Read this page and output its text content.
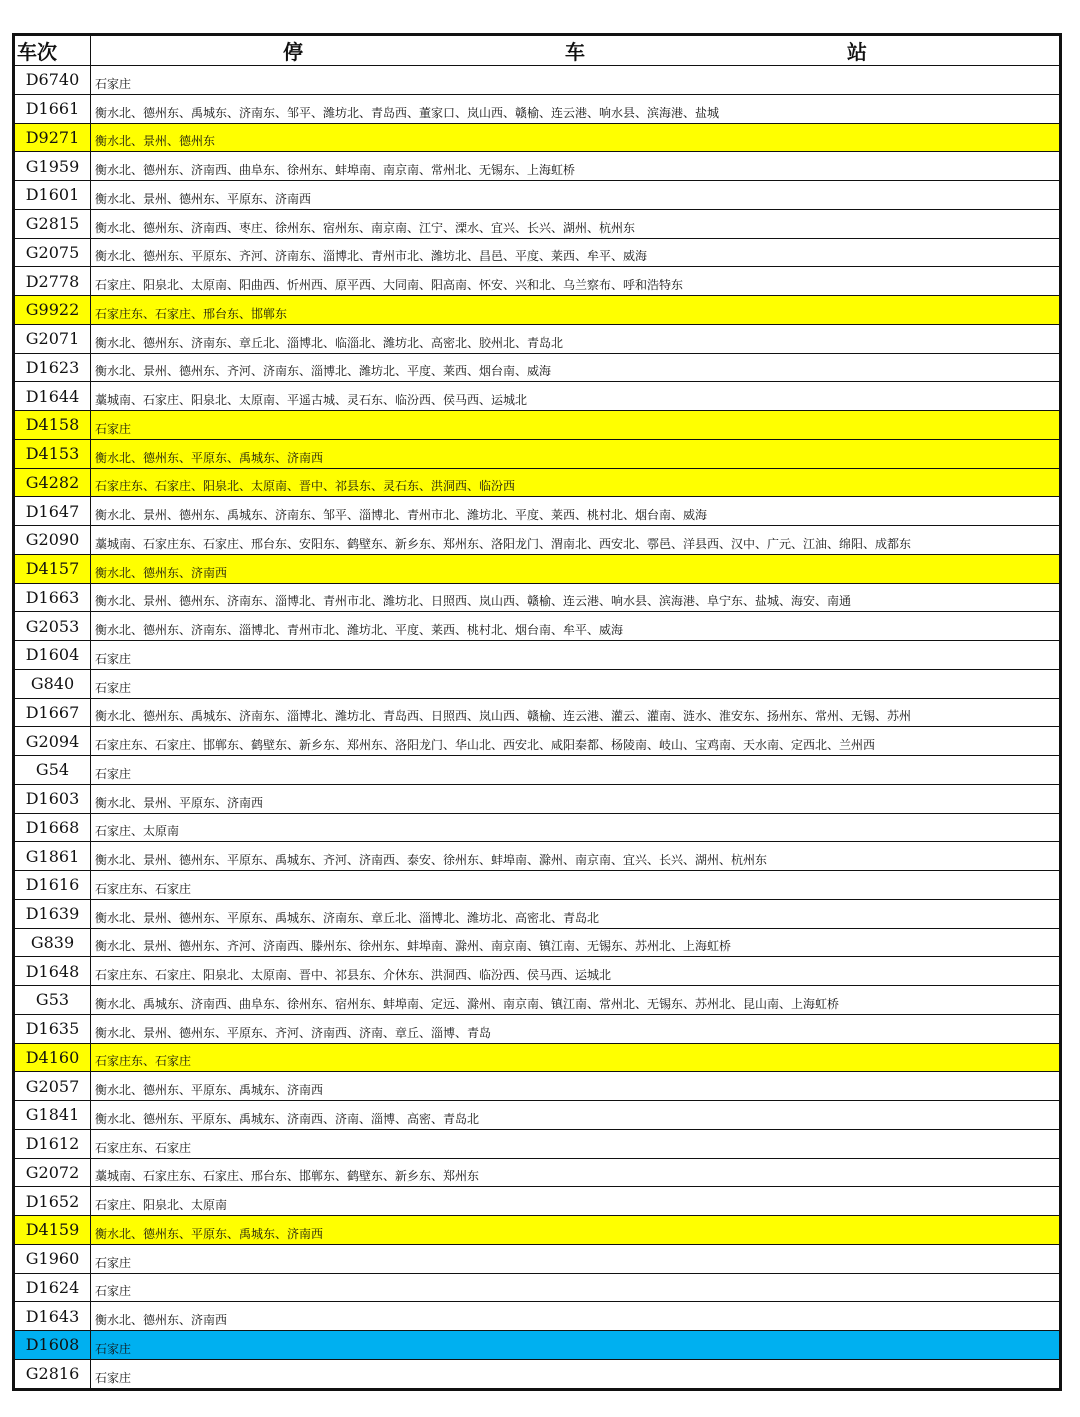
车次	停　　车　　站
D6740	石家庄
D1661	衡水北、德州东、禹城东、济南东、邹平、潍坊北、青岛西、董家口、岚山西、赣榆、连云港、响水县、滨海港、盐城
D9271	衡水北、景州、德州东
G1959	衡水北、德州东、济南西、曲阜东、徐州东、蚌埠南、南京南、常州北、无锡东、上海虹桥
D1601	衡水北、景州、德州东、平原东、济南西
G2815	衡水北、德州东、济南西、枣庄、徐州东、宿州东、南京南、江宁、溧水、宜兴、长兴、湖州、杭州东
G2075	衡水北、德州东、平原东、齐河、济南东、淄博北、青州市北、潍坊北、昌邑、平度、莱西、牟平、威海
D2778	石家庄、阳泉北、太原南、阳曲西、忻州西、原平西、大同南、阳高南、怀安、兴和北、乌兰察布、呼和浩特东
G9922	石家庄东、石家庄、邢台东、邯郸东
G2071	衡水北、德州东、济南东、章丘北、淄博北、临淄北、潍坊北、高密北、胶州北、青岛北
D1623	衡水北、景州、德州东、齐河、济南东、淄博北、潍坊北、平度、莱西、烟台南、威海
D1644	藁城南、石家庄、阳泉北、太原南、平遥古城、灵石东、临汾西、侯马西、运城北
D4158	石家庄
D4153	衡水北、德州东、平原东、禹城东、济南西
G4282	石家庄东、石家庄、阳泉北、太原南、晋中、祁县东、灵石东、洪洞西、临汾西
D1647	衡水北、景州、德州东、禹城东、济南东、邹平、淄博北、青州市北、潍坊北、平度、莱西、桃村北、烟台南、威海
G2090	藁城南、石家庄东、石家庄、邢台东、安阳东、鹤壁东、新乡东、郑州东、洛阳龙门、渭南北、西安北、鄠邑、洋县西、汉中、广元、江油、绵阳、成都东
D4157	衡水北、德州东、济南西
D1663	衡水北、景州、德州东、济南东、淄博北、青州市北、潍坊北、日照西、岚山西、赣榆、连云港、响水县、滨海港、阜宁东、盐城、海安、南通
G2053	衡水北、德州东、济南东、淄博北、青州市北、潍坊北、平度、莱西、桃村北、烟台南、牟平、威海
D1604	石家庄
G840	石家庄
D1667	衡水北、德州东、禹城东、济南东、淄博北、潍坊北、青岛西、日照西、岚山西、赣榆、连云港、灌云、灌南、涟水、淮安东、扬州东、常州、无锡、苏州
G2094	石家庄东、石家庄、邯郸东、鹤壁东、新乡东、郑州东、洛阳龙门、华山北、西安北、咸阳秦都、杨陵南、岐山、宝鸡南、天水南、定西北、兰州西
G54	石家庄
D1603	衡水北、景州、平原东、济南西
D1668	石家庄、太原南
G1861	衡水北、景州、德州东、平原东、禹城东、齐河、济南西、泰安、徐州东、蚌埠南、滁州、南京南、宜兴、长兴、湖州、杭州东
D1616	石家庄东、石家庄
D1639	衡水北、景州、德州东、平原东、禹城东、济南东、章丘北、淄博北、潍坊北、高密北、青岛北
G839	衡水北、景州、德州东、齐河、济南西、滕州东、徐州东、蚌埠南、滁州、南京南、镇江南、无锡东、苏州北、上海虹桥
D1648	石家庄东、石家庄、阳泉北、太原南、晋中、祁县东、介休东、洪洞西、临汾西、侯马西、运城北
G53	衡水北、禹城东、济南西、曲阜东、徐州东、宿州东、蚌埠南、定远、滁州、南京南、镇江南、常州北、无锡东、苏州北、昆山南、上海虹桥
D1635	衡水北、景州、德州东、平原东、齐河、济南西、济南、章丘、淄博、青岛
D4160	石家庄东、石家庄
G2057	衡水北、德州东、平原东、禹城东、济南西
G1841	衡水北、德州东、平原东、禹城东、济南西、济南、淄博、高密、青岛北
D1612	石家庄东、石家庄
G2072	藁城南、石家庄东、石家庄、邢台东、邯郸东、鹤壁东、新乡东、郑州东
D1652	石家庄、阳泉北、太原南
D4159	衡水北、德州东、平原东、禹城东、济南西
G1960	石家庄
D1624	石家庄
D1643	衡水北、德州东、济南西
D1608	石家庄
G2816	石家庄
